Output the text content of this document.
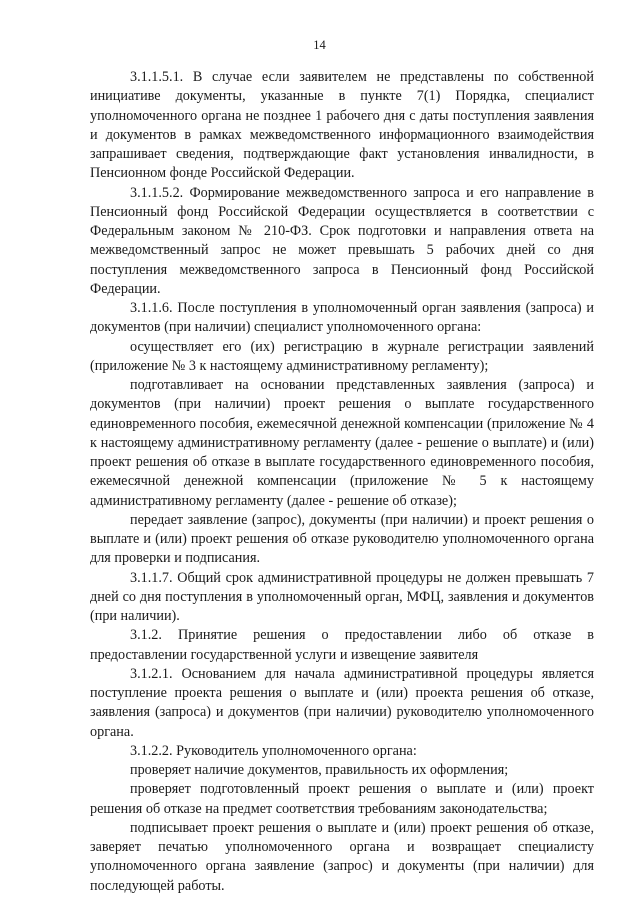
14

3.1.1.5.1. В случае если заявителем не представлены по собственной инициативе документы, указанные в пункте 7(1) Порядка, специалист уполномоченного органа не позднее 1 рабочего дня с даты поступления заявления и документов в рамках межведомственного информационного взаимодействия запрашивает сведения, подтверждающие факт установления инвалидности, в Пенсионном фонде Российской Федерации.

3.1.1.5.2. Формирование межведомственного запроса и его направление в Пенсионный фонд Российской Федерации осуществляется в соответствии с Федеральным законом № 210-ФЗ. Срок подготовки и направления ответа на межведомственный запрос не может превышать 5 рабочих дней со дня поступления межведомственного запроса в Пенсионный фонд Российской Федерации.

3.1.1.6. После поступления в уполномоченный орган заявления (запроса) и документов (при наличии) специалист уполномоченного органа:

осуществляет его (их) регистрацию в журнале регистрации заявлений (приложение № 3 к настоящему административному регламенту);

подготавливает на основании представленных заявления (запроса) и документов (при наличии) проект решения о выплате государственного единовременного пособия, ежемесячной денежной компенсации (приложение № 4 к настоящему административному регламенту (далее - решение о выплате) и (или) проект решения об отказе в выплате государственного единовременного пособия, ежемесячной денежной компенсации (приложение № 5 к настоящему административному регламенту (далее - решение об отказе);

передает заявление (запрос), документы (при наличии) и проект решения о выплате и (или) проект решения об отказе руководителю уполномоченного органа для проверки и подписания.

3.1.1.7. Общий срок административной процедуры не должен превышать 7 дней со дня поступления в уполномоченный орган, МФЦ, заявления и документов (при наличии).

3.1.2. Принятие решения о предоставлении либо об отказе в предоставлении государственной услуги и извещение заявителя

3.1.2.1. Основанием для начала административной процедуры является поступление проекта решения о выплате и (или) проекта решения об отказе, заявления (запроса) и документов (при наличии) руководителю уполномоченного органа.

3.1.2.2. Руководитель уполномоченного органа:

проверяет наличие документов, правильность их оформления;

проверяет подготовленный проект решения о выплате и (или) проект решения об отказе на предмет соответствия требованиям законодательства;

подписывает проект решения о выплате и (или) проект решения об отказе, заверяет печатью уполномоченного органа и возвращает специалисту уполномоченного органа заявление (запрос) и документы (при наличии) для последующей работы.
